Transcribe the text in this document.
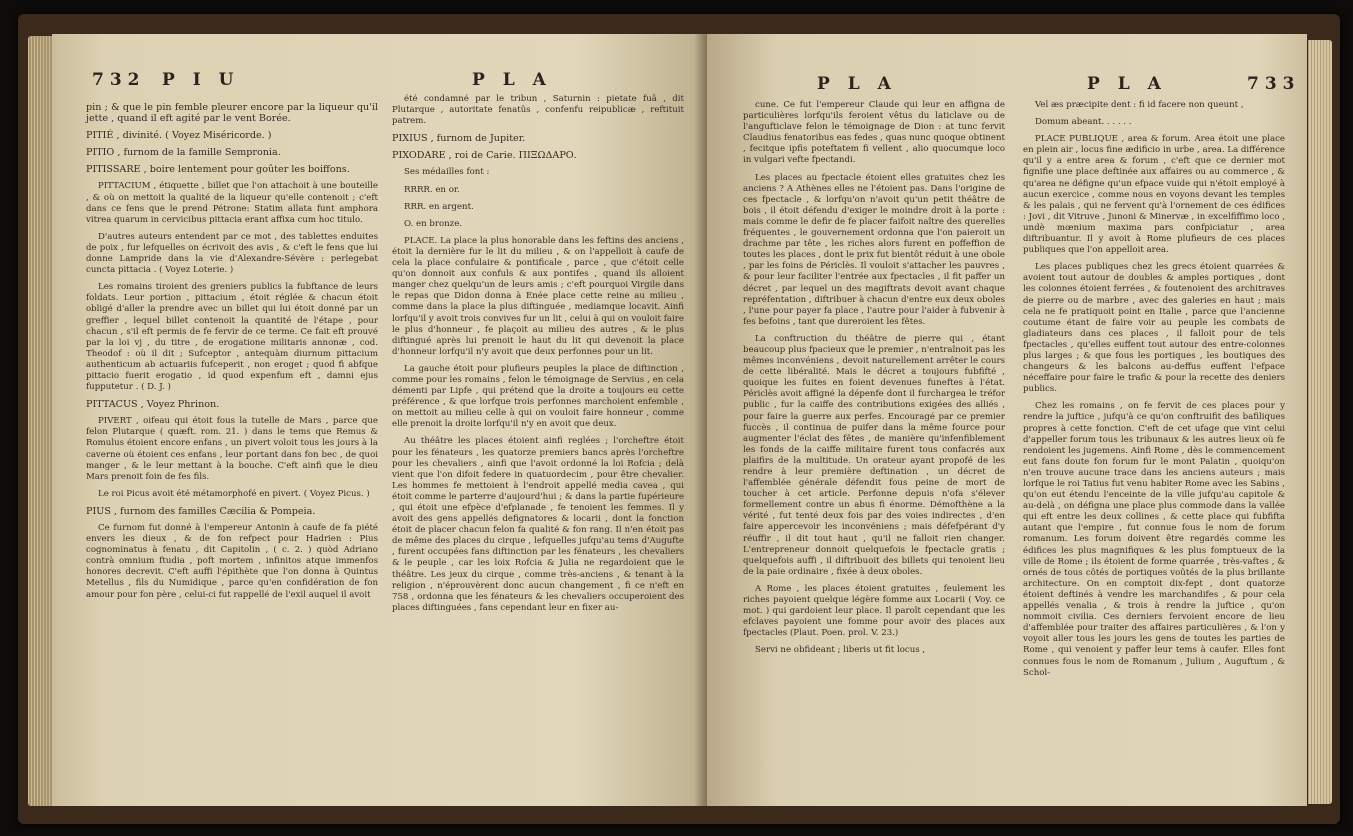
732 P I U	P L A

pin ; & que le pin femble pleurer encore par la liqueur qu'il jette , quand il eft agité par le vent Borée.

PITIÉ , divinité. ( Voyez Miséricorde. )

PITIO , furnom de la famille Sempronia.

PITISSARE , boire lentement pour goûter les boiffons.

PITTACIUM , étiquette , billet que l'on attachoit à une bouteille , & où on mettoit la qualité de la liqueur qu'elle contenoit ; c'eft dans ce fens que le prend Pétrone: Statim allata funt amphora vitrea quarum in cervicibus pittacia erant affixa cum hoc titulo.

D'autres auteurs entendent par ce mot , des tablettes enduites de poix , fur lefquelles on écrivoit des avis , & c'eft le fens que lui donne Lampride dans la vie d'Alexandre-Sévère : perlegebat cuncta pittacia . ( Voyez Loterie. )

Les romains tiroient des greniers publics la fubftance de leurs foldats. Leur portion , pittacium , étoit réglée & chacun étoit obligé d'aller la prendre avec un billet qui lui étoit donné par un greffier , lequel billet contenoit la quantité de l'étape , pour chacun , s'il eft permis de fe fervir de ce terme. Ce fait eft prouvé par la loi vj , du titre , de erogatione militaris annonæ , cod. Theodof : où il dit ; Sufceptor , antequàm diurnum pittacium authenticum ab actuariis fufceperit , non eroget ; quod fi abfque pittacio fuerit erogatio , id quod expenfum eft , damni ejus fupputetur . ( D. J. )

PITTACUS , Voyez Phrinon.

PIVERT , oifeau qui étoit fous la tutelle de Mars , parce que felon Plutarque ( quæft. rom. 21. ) dans le tems que Remus & Romulus étoient encore enfans , un pivert voloit tous les jours à la caverne où étoient ces enfans , leur portant dans fon bec , de quoi manger , & le leur mettant à la bouche. C'eft ainfi que le dieu Mars prenoit foin de fes fils.

Le roi Picus avoit été métamorphofé en pivert. ( Voyez Picus. )

PIUS , furnom des familles Cæcilia & Pompeia.

Ce furnom fut donné à l'empereur Antonin à caufe de fa piété envers les dieux , & de fon refpect pour Hadrien : Pius cognominatus à fenatu , dit Capitolin , ( c. 2. ) quòd Adriano contrà omnium ftudia , poft mortem , infinitos atque immenfos honores decrevit. C'eft auffi l'épithète que l'on donna à Quintus Metellus , fils du Numidique , parce qu'en confidération de fon amour pour fon père , celui-ci fut rappellé de l'exil auquel il avoit

été condamné par le tribun , Saturnin : pietate fuâ , dit Plutarque , autoritate fenatûs , confenfu reipublicæ , reftituit patrem.

PIXIUS , furnom de Jupiter.

PIXODARE , roi de Carie. ΠΙΞΩΔΑΡΟ.

Ses médailles font :

RRRR. en or.

RRR. en argent.

O. en bronze.

PLACE. La place la plus honorable dans les feftins des anciens , étoit la dernière fur le lit du milieu , & on l'appelloit à caufe de cela la place confulaire & pontificale , parce , que c'étoit celle qu'on donnoit aux confuls & aux pontifes , quand ils alloient manger chez quelqu'un de leurs amis ; c'eft pourquoi Virgile dans le repas que Didon donna à Enée place cette reine au milieu , comme dans la place la plus diftinguée , mediamque locavit. Ainfi lorfqu'il y avoit trois convives fur un lit , celui à qui on vouloit faire le plus d'honneur , fe plaçoit au milieu des autres , & le plus diftingué après lui prenoit le haut du lit qui devenoit la place d'honneur lorfqu'il n'y avoit que deux perfonnes pour un lit.

La gauche étoit pour plufieurs peuples la place de diftinction , comme pour les romains , felon le témoignage de Servius , en cela démenti par Lipfe , qui prétend que la droite a toujours eu cette préférence , & que lorfque trois perfonnes marchoient enfemble , on mettoit au milieu celle à qui on vouloit faire honneur , comme elle prenoit la droite lorfqu'il n'y en avoit que deux.

Au théâtre les places étoient ainfi reglées ; l'orcheftre étoit pour les fénateurs , les quatorze premiers bancs après l'orcheftre pour les chevaliers , ainfi que l'avoit ordonné la loi Rofcia ; delà vient que l'on difoit federe in quatuordecim , pour être chevalier. Les hommes fe mettoient à l'endroit appellé media cavea , qui étoit comme le parterre d'aujourd'hui ; & dans la partie fupérieure , qui étoit une efpèce d'efplanade , fe tenoient les femmes. Il y avoit des gens appellés defignatores & locarii , dont la fonction étoit de placer chacun felon fa qualité & fon rang. Il n'en étoit pas de même des places du cirque , lefquelles jufqu'au tems d'Augufte , furent occupées fans diftinction par les fénateurs , les chevaliers & le peuple , car les loix Rofcia & Julia ne regardoient que le théâtre. Les jeux du cirque , comme très-anciens , & tenant à la religion , n'éprouvèrent donc aucun changement , fi ce n'eft en 758 , ordonna que les fénateurs & les chevaliers occuperoient des places diftinguées , fans cependant leur en fixer au-

P L A	P L A	733

cune. Ce fut l'empereur Claude qui leur en affigna de particulières lorfqu'ils feroient vêtus du laticlave ou de l'angufticlave felon le témoignage de Dion : at tunc fervit Claudius fenatoribus eas fedes , quas nunc quoque obtinent , fecitque ipfis poteftatem fi vellent , alio quocumque loco in vulgari vefte fpectandi.

Les places au fpectacle étoient elles gratuites chez les anciens ? A Athènes elles ne l'étoient pas. Dans l'origine de ces fpectacle , & lorfqu'on n'avoit qu'un petit théâtre de bois , il étoit défendu d'exiger le moindre droit à la porte : mais comme le defir de fe placer faifoit naître des querelles fréquentes , le gouvernement ordonna que l'on paieroit un drachme par tête , les riches alors furent en poffeffion de toutes les places , dont le prix fut bientôt réduit à une obole , par les foins de Périclès. Il vouloit s'attacher les pauvres , & pour leur faciliter l'entrée aux fpectacles , il fit paffer un décret , par lequel un des magiftrats devoit avant chaque repréfentation , diftribuer à chacun d'entre eux deux oboles , l'une pour payer fa place , l'autre pour l'aider à fubvenir à fes befoins , tant que dureroient les fêtes.

La conftruction du théâtre de pierre qui , étant beaucoup plus fpacieux que le premier , n'entraînoit pas les mêmes inconvéniens , devoit naturellement arrêter le cours de cette libéralité. Mais le décret a toujours fubfifté , quoique les fuites en foient devenues funeftes à l'état. Périclès avoit affigné la dépenfe dont il furchargea le tréfor public , fur la caiffe des contributions exigées des alliés , pour faire la guerre aux perfes. Encouragé par ce premier fuccès , il continua de puifer dans la même fource pour augmenter l'éclat des fêtes , de manière qu'infenfiblement les fonds de la caiffe militaire furent tous confacrés aux plaifirs de la multitude. Un orateur ayant propofé de les rendre à leur première deftination , un décret de l'affemblée générale défendit fous peine de mort de toucher à cet article. Perfonne depuis n'ofa s'élever formellement contre un abus fi énorme. Démofthène a la vérité , fut tenté deux fois par des voies indirectes , d'en faire appercevoir les inconvéniens ; mais défefpérant d'y réuffir , il dit tout haut , qu'il ne falloit rien changer. L'entrepreneur donnoit quelquefois le fpectacle gratis ; quelquefois auffi , il diftribuoit des billets qui tenoient lieu de la paie ordinaire , fixée à deux oboles.

A Rome , les places étoient gratuites , feulement les riches payoient quelque légère fomme aux Locarii ( Voy. ce mot. ) qui gardoient leur place. Il paroît cependant que les efclaves payoient une fomme pour avoir des places aux fpectacles (Plaut. Poen. prol. V. 23.)

Servi ne obfideant ; liberis ut fit locus ,

Vel æs præcipite dent : fi id facere non queunt ,

Domum abeant. . . . . .

PLACE PUBLIQUE , area & forum. Area étoit une place en plein air , locus fine ædificio in urbe , area. La différence qu'il y a entre area & forum , c'eft que ce dernier mot fignifie une place deftinée aux affaires ou au commerce , & qu'area ne défigne qu'un efpace vuide qui n'étoit employé à aucun exercice , comme nous en voyons devant les temples & les palais , qui ne fervent qu'à l'ornement de ces édifices : Jovi , dit Vitruve , Junoni & Minervæ , in excelfiffimo loco , undè mœnium maxima pars confpiciatur , area diftribuantur. Il y avoit à Rome plufieurs de ces places publiques que l'on appelloit area.

Les places publiques chez les grecs étoient quarrées & avoient tout autour de doubles & amples portiques , dont les colonnes étoient ferrées , & foutenoient des architraves de pierre ou de marbre , avec des galeries en haut ; mais cela ne fe pratiquoit point en Italie , parce que l'ancienne coutume étant de faire voir au peuple les combats de gladiateurs dans ces places , il falloit pour de tels fpectacles , qu'elles euffent tout autour des entre-colonnes plus larges ; & que fous les portiques , les boutiques des changeurs & les balcons au-deffus euffent l'efpace néceffaire pour faire le trafic & pour la recette des deniers publics.

Chez les romains , on fe fervit de ces places pour y rendre la juftice , jufqu'à ce qu'on conftruifit des bafiliques propres à cette fonction. C'eft de cet ufage que vint celui d'appeller forum tous les tribunaux & les autres lieux où fe rendoient les jugemens. Ainfi Rome , dès le commencement eut fans doute fon forum fur le mont Palatin , quoiqu'on n'en trouve aucune trace dans les anciens auteurs ; mais lorfque le roi Tatius fut venu habiter Rome avec les Sabins , qu'on eut étendu l'enceinte de la ville jufqu'au capitole & au-delà , on défigna une place plus commode dans la vallée qui eft entre les deux collines , & cette place qui fubfifta autant que l'empire , fut connue fous le nom de forum romanum. Les forum doivent être regardés comme les édifices les plus magnifiques & les plus fomptueux de la ville de Rome ; ils étoient de forme quarrée , très-vaftes , & ornés de tous côtés de portiques voûtés de la plus brillante architecture. On en comptoit dix-fept , dont quatorze étoient deftinés à vendre les marchandifes , & pour cela appellés venalia , & trois à rendre la juftice , qu'on nommoit civilia. Ces derniers fervoient encore de lieu d'affemblée pour traiter des affaires particulières , & l'on y voyoit aller tous les jours les gens de toutes les parties de Rome , qui venoient y paffer leur tems à caufer. Elles font connues fous le nom de Romanum , Julium , Auguftum , & Schol-
